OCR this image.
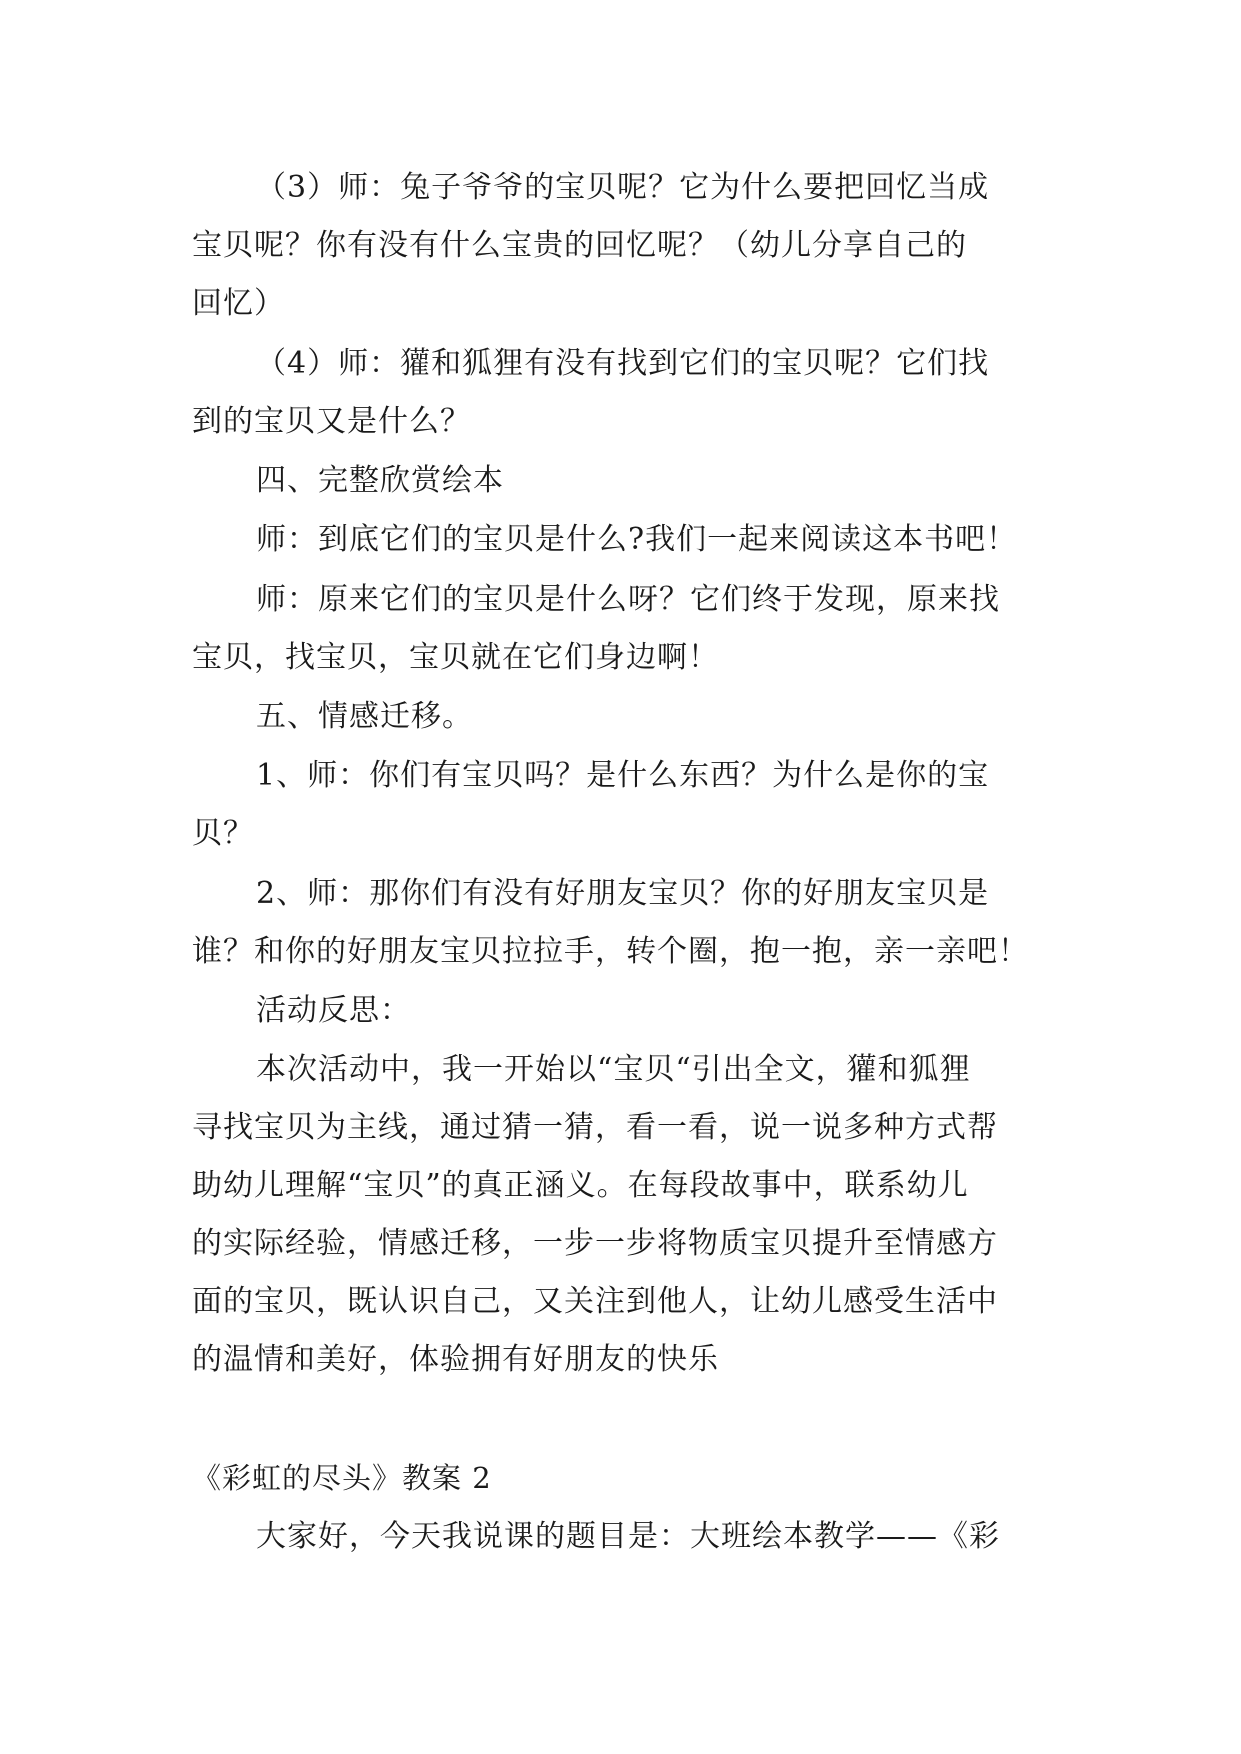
（3）师：兔子爷爷的宝贝呢？它为什么要把回忆当成
宝贝呢？你有没有什么宝贵的回忆呢？（幼儿分享自己的
回忆）
（4）师：獾和狐狸有没有找到它们的宝贝呢？它们找
到的宝贝又是什么？
四、完整欣赏绘本
师：到底它们的宝贝是什么?我们一起来阅读这本书吧！
师：原来它们的宝贝是什么呀？它们终于发现，原来找
宝贝，找宝贝，宝贝就在它们身边啊！
五、情感迁移。
1、师：你们有宝贝吗？是什么东西？为什么是你的宝
贝？
2、师：那你们有没有好朋友宝贝？你的好朋友宝贝是
谁？和你的好朋友宝贝拉拉手，转个圈，抱一抱，亲一亲吧！
活动反思：
本次活动中，我一开始以“宝贝“引出全文，獾和狐狸
寻找宝贝为主线，通过猜一猜，看一看，说一说多种方式帮
助幼儿理解“宝贝”的真正涵义。在每段故事中，联系幼儿
的实际经验，情感迁移，一步一步将物质宝贝提升至情感方
面的宝贝，既认识自己，又关注到他人，让幼儿感受生活中
的温情和美好，体验拥有好朋友的快乐
《彩虹的尽头》教案 2
大家好，今天我说课的题目是：大班绘本教学——《彩
